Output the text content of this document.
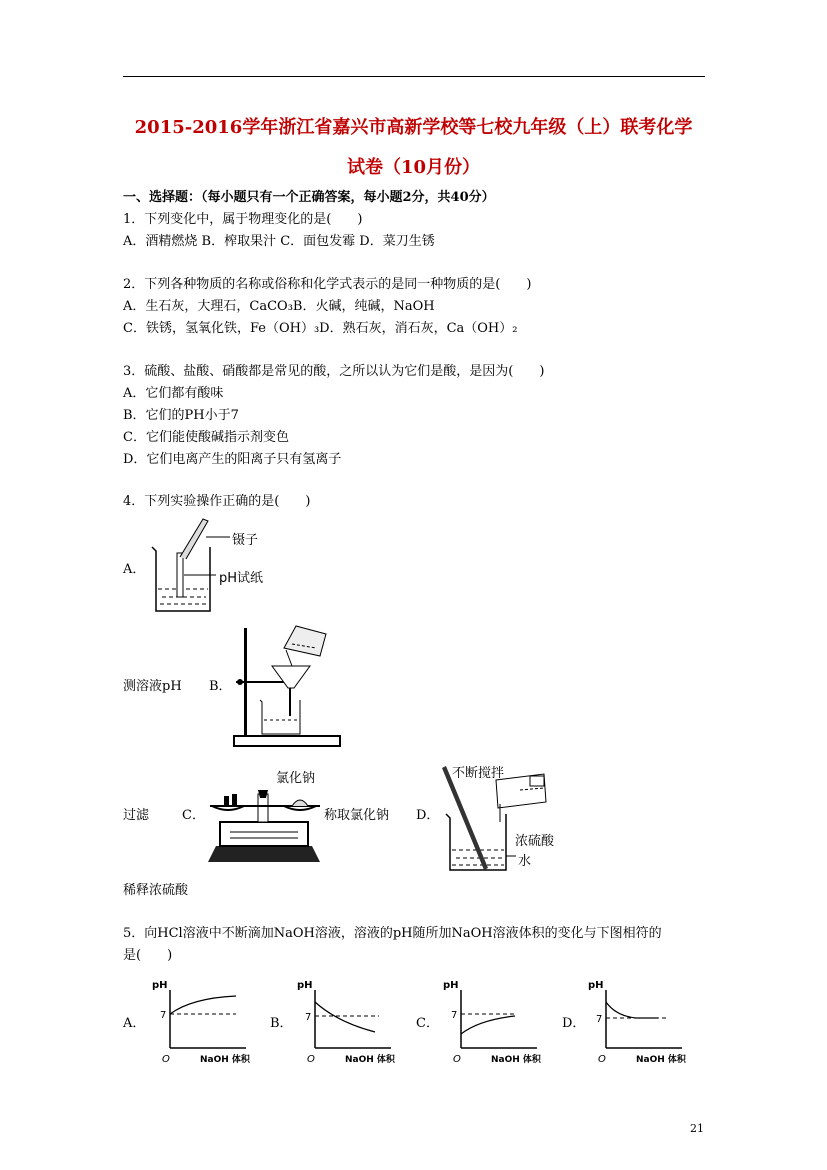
2015-2016学年浙江省嘉兴市高新学校等七校九年级（上）联考化学
试卷（10月份）
一、选择题：（每小题只有一个正确答案，每小题2分，共40分）
1．下列变化中，属于物理变化的是(　　)
A．酒精燃烧 B．榨取果汁 C．面包发霉 D．菜刀生锈
2．下列各种物质的名称或俗称和化学式表示的是同一种物质的是(　　)
A．生石灰，大理石，CaCO₃B．火碱，纯碱，NaOH
C．铁锈，氢氧化铁，Fe（OH）₃D．熟石灰，消石灰，Ca（OH）₂
3．硫酸、盐酸、硝酸都是常见的酸，之所以认为它们是酸，是因为(　　)
A．它们都有酸味
B．它们的PH小于7
C．它们能使酸碱指示剂变色
D．它们电离产生的阳离子只有氢离子
4．下列实验操作正确的是(　　)
A．
镊子
pH试纸
测溶液pH B．
过滤	C．
氯化钠
称取氯化钠 D．
不断搅拌
浓硫酸
水
稀释浓硫酸
5．向HCl溶液中不断滴加NaOH溶液，溶液的pH随所加NaOH溶液体积的变化与下图相符的
是(　　)
A．	B．	C．	D．
pH
7
O	NaOH 体积
pH
7
O	NaOH 体积
pH
7
O	NaOH 体积
pH
7
O	NaOH 体积
21
